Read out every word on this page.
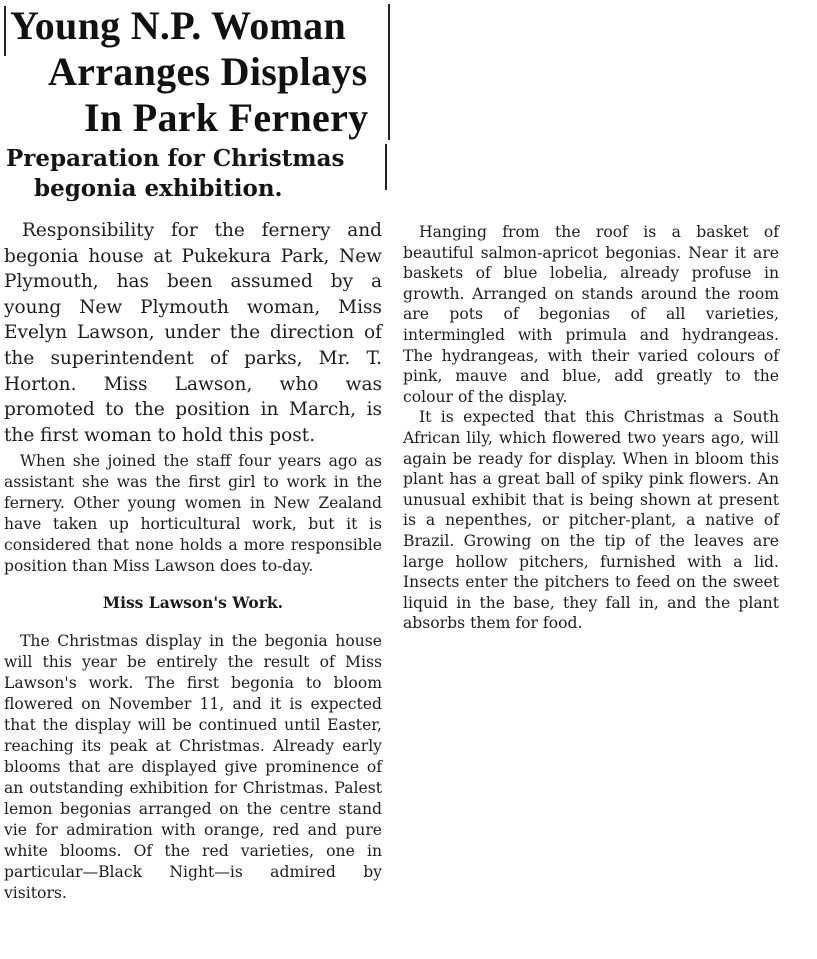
Young N.P. Woman
Arranges Displays
In Park Fernery
Preparation for Christmas
begonia exhibition.

Responsibility for the fernery and begonia house at Pukekura Park, New Plymouth, has been assumed by a young New Plymouth woman, Miss Evelyn Lawson, under the direction of the superintendent of parks, Mr. T. Horton. Miss Lawson, who was promoted to the position in March, is the first woman to hold this post.

When she joined the staff four years ago as assistant she was the first girl to work in the fernery. Other young women in New Zealand have taken up horticultural work, but it is considered that none holds a more responsible position than Miss Lawson does to-day.

Miss Lawson's Work.

The Christmas display in the begonia house will this year be entirely the result of Miss Lawson's work. The first begonia to bloom flowered on November 11, and it is expected that the display will be continued until Easter, reaching its peak at Christmas. Already early blooms that are displayed give prominence of an outstanding exhibition for Christmas. Palest lemon begonias arranged on the centre stand vie for admiration with orange, red and pure white blooms. Of the red varieties, one in particular—Black Night—is admired by visitors.

Hanging from the roof is a basket of beautiful salmon-apricot begonias. Near it are baskets of blue lobelia, already profuse in growth. Arranged on stands around the room are pots of begonias of all varieties, intermingled with primula and hydrangeas. The hydrangeas, with their varied colours of pink, mauve and blue, add greatly to the colour of the display.

It is expected that this Christmas a South African lily, which flowered two years ago, will again be ready for display. When in bloom this plant has a great ball of spiky pink flowers. An unusual exhibit that is being shown at present is a nepenthes, or pitcher-plant, a native of Brazil. Growing on the tip of the leaves are large hollow pitchers, furnished with a lid. Insects enter the pitchers to feed on the sweet liquid in the base, they fall in, and the plant absorbs them for food.
